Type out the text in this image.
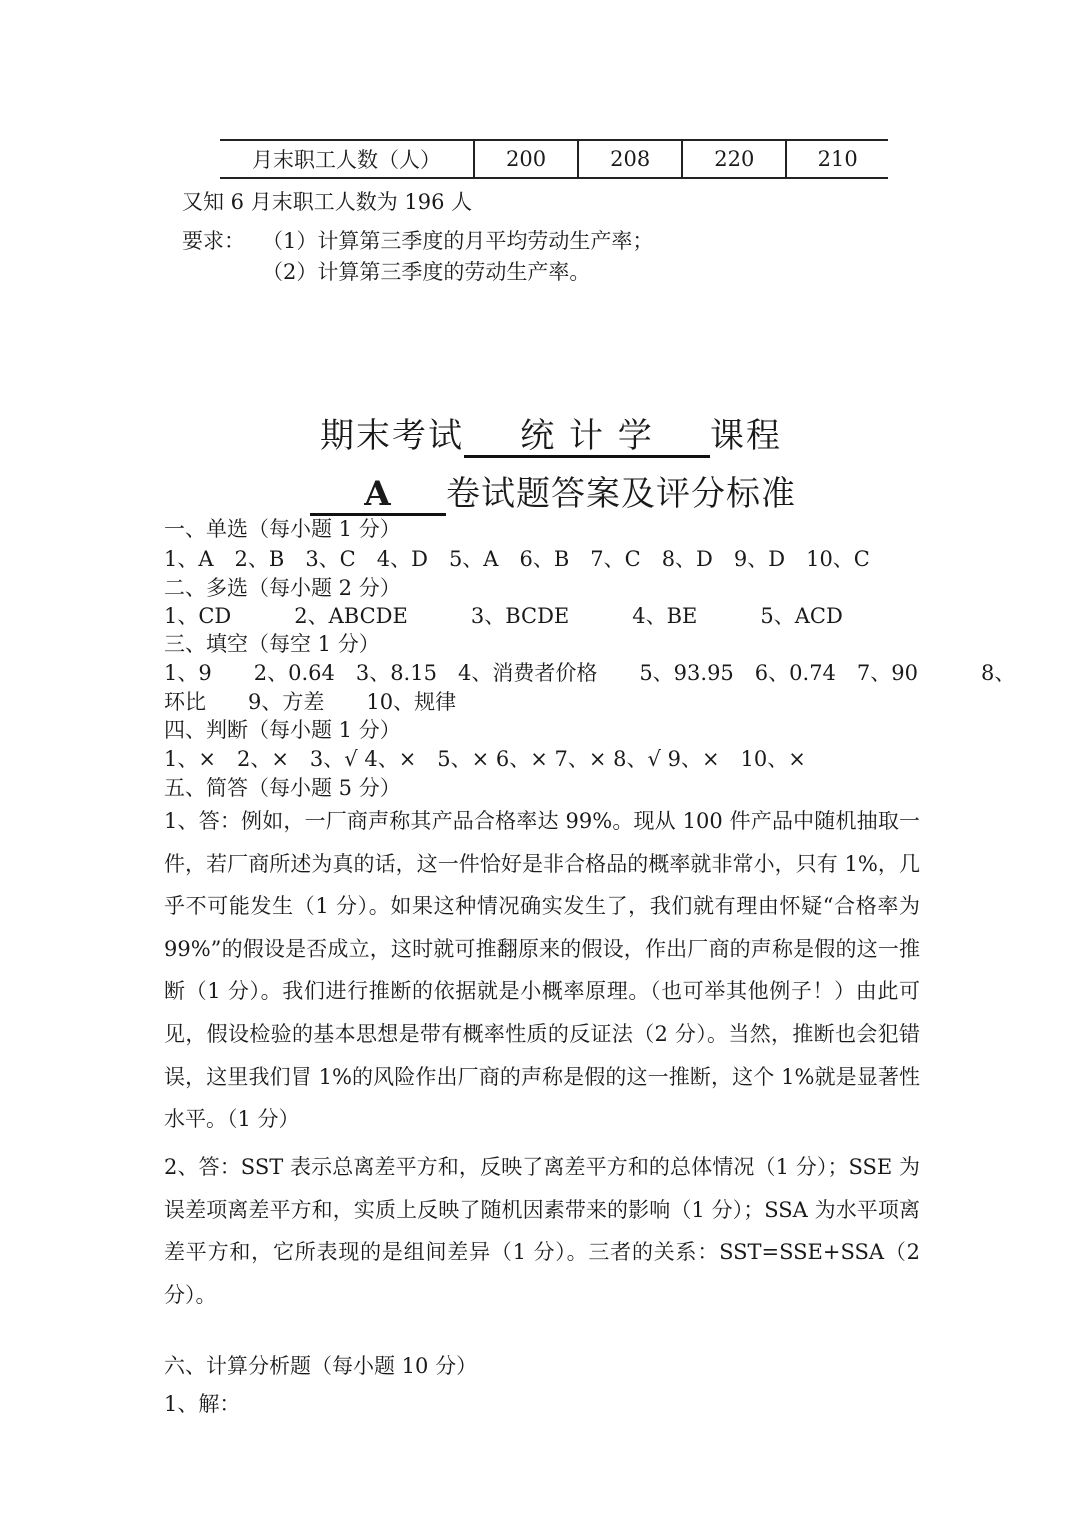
月末职工人数（人）	200	208	220	210
又知 6 月末职工人数为 196 人
要求： （1）计算第三季度的月平均劳动生产率；
（2）计算第三季度的劳动生产率。
期末考试 统 计 学 课程
A 卷试题答案及评分标准
一、单选（每小题 1 分）
1、A　2、B　3、C　4、D　5、A　6、B　7、C　8、D　9、D　10、C
二、多选（每小题 2 分）
1、CD　　　2、ABCDE　　　3、BCDE　　　4、BE　　　5、ACD
三、填空（每空 1 分）
1、9　　2、0.64　3、8.15　4、消费者价格　　5、93.95　6、0.74　7、90　　　8、
环比　　9、方差　　10、规律
四、判断（每小题 1 分）
1、×　2、×　3、√ 4、×　5、× 6、× 7、× 8、√ 9、×　10、×
五、简答（每小题 5 分）
1、答：例如，一厂商声称其产品合格率达 99%。现从 100 件产品中随机抽取一件，若厂商所述为真的话，这一件恰好是非合格品的概率就非常小，只有 1%，几乎不可能发生（1 分）。如果这种情况确实发生了，我们就有理由怀疑“合格率为 99%”的假设是否成立，这时就可推翻原来的假设，作出厂商的声称是假的这一推断（1 分）。我们进行推断的依据就是小概率原理。（也可举其他例子！）由此可见，假设检验的基本思想是带有概率性质的反证法（2 分）。当然，推断也会犯错误，这里我们冒 1%的风险作出厂商的声称是假的这一推断，这个 1%就是显著性水平。（1 分）
2、答：SST 表示总离差平方和，反映了离差平方和的总体情况（1 分）；SSE 为误差项离差平方和，实质上反映了随机因素带来的影响（1 分）；SSA 为水平项离差平方和，它所表现的是组间差异（1 分）。三者的关系：SST=SSE+SSA（2 分）。
六、计算分析题（每小题 10 分）
1、解：
